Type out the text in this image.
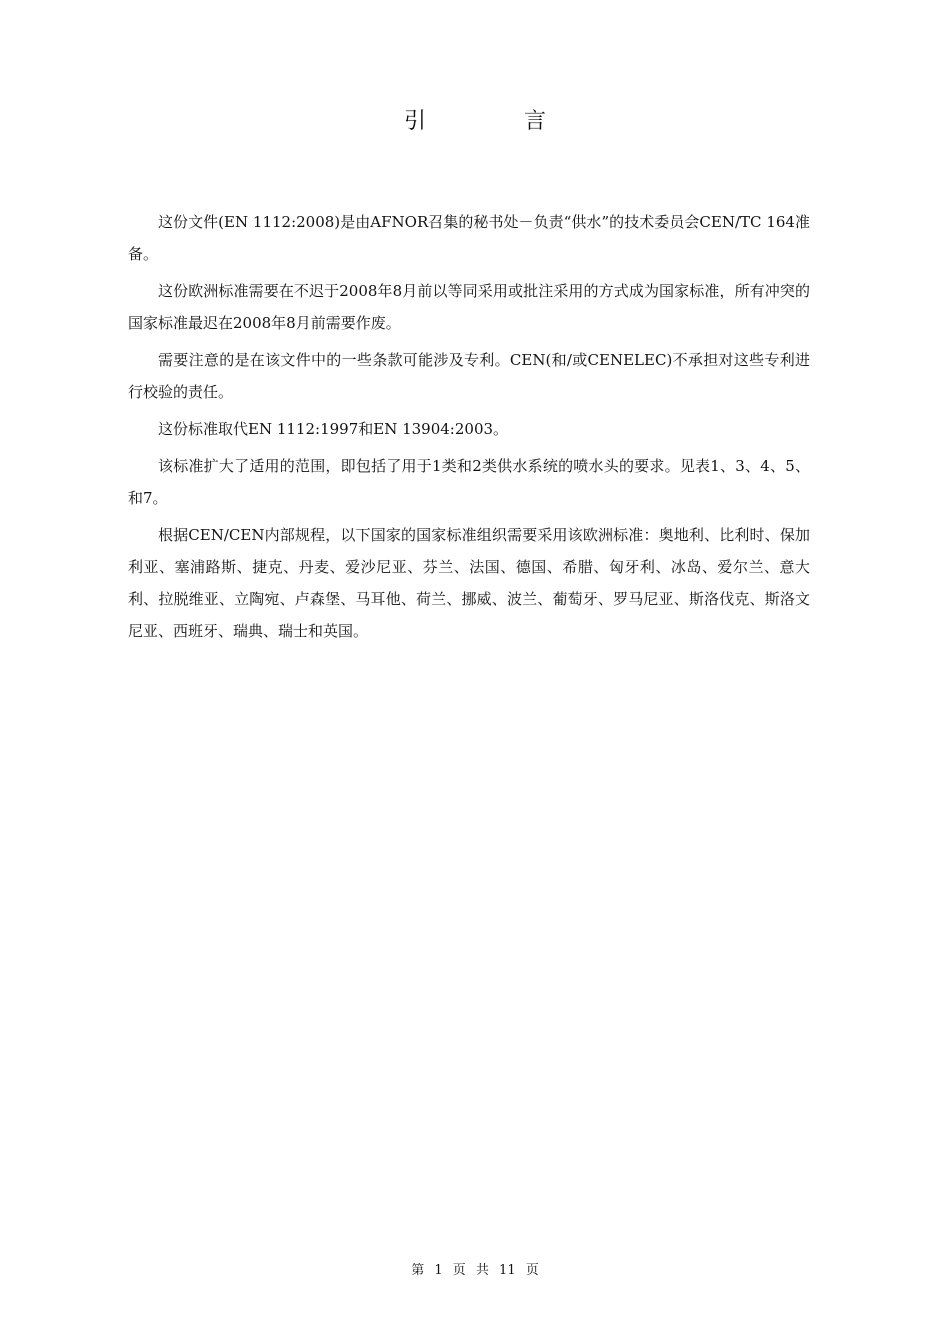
引　言

这份文件(EN 1112:2008)是由AFNOR召集的秘书处－负责“供水”的技术委员会CEN/TC 164准备。

这份欧洲标准需要在不迟于2008年8月前以等同采用或批注采用的方式成为国家标准，所有冲突的国家标准最迟在2008年8月前需要作废。

需要注意的是在该文件中的一些条款可能涉及专利。CEN(和/或CENELEC)不承担对这些专利进行校验的责任。

这份标准取代EN 1112:1997和EN 13904:2003。

该标准扩大了适用的范围，即包括了用于1类和2类供水系统的喷水头的要求。见表1、3、4、5、和7。

根据CEN/CEN内部规程，以下国家的国家标准组织需要采用该欧洲标准：奥地利、比利时、保加利亚、塞浦路斯、捷克、丹麦、爱沙尼亚、芬兰、法国、德国、希腊、匈牙利、冰岛、爱尔兰、意大利、拉脱维亚、立陶宛、卢森堡、马耳他、荷兰、挪威、波兰、葡萄牙、罗马尼亚、斯洛伐克、斯洛文尼亚、西班牙、瑞典、瑞士和英国。

第 1 页 共 11 页
